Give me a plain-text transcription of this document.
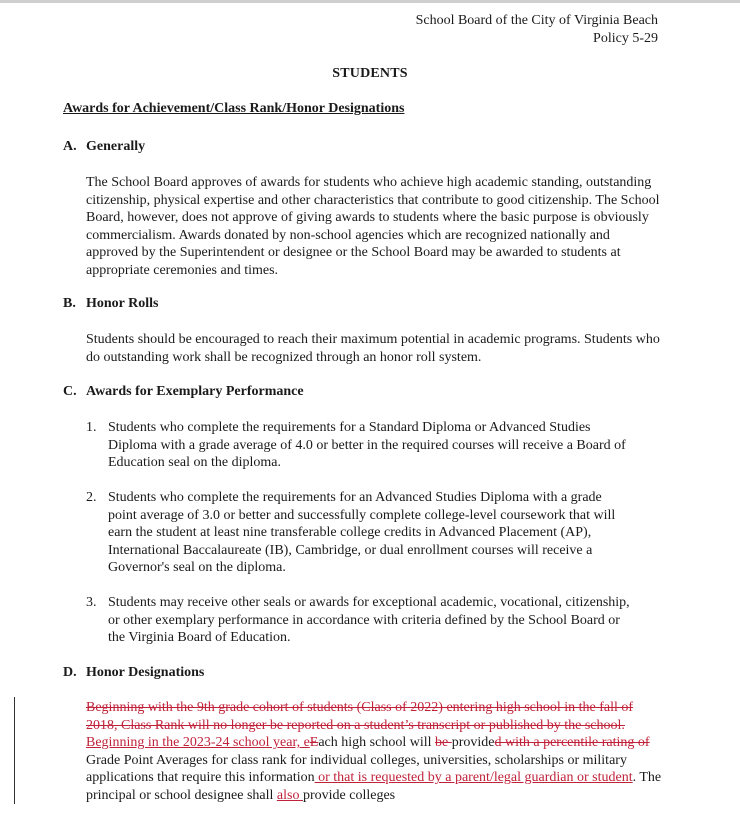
School Board of the City of Virginia Beach
Policy 5-29
STUDENTS
Awards for Achievement/Class Rank/Honor Designations
A. Generally
The School Board approves of awards for students who achieve high academic standing, outstanding citizenship, physical expertise and other characteristics that contribute to good citizenship. The School Board, however, does not approve of giving awards to students where the basic purpose is obviously commercialism. Awards donated by non-school agencies which are recognized nationally and approved by the Superintendent or designee or the School Board may be awarded to students at appropriate ceremonies and times.
B. Honor Rolls
Students should be encouraged to reach their maximum potential in academic programs. Students who do outstanding work shall be recognized through an honor roll system.
C. Awards for Exemplary Performance
1. Students who complete the requirements for a Standard Diploma or Advanced Studies Diploma with a grade average of 4.0 or better in the required courses will receive a Board of Education seal on the diploma.
2. Students who complete the requirements for an Advanced Studies Diploma with a grade point average of 3.0 or better and successfully complete college-level coursework that will earn the student at least nine transferable college credits in Advanced Placement (AP), International Baccalaureate (IB), Cambridge, or dual enrollment courses will receive a Governor's seal on the diploma.
3. Students may receive other seals or awards for exceptional academic, vocational, citizenship, or other exemplary performance in accordance with criteria defined by the School Board or the Virginia Board of Education.
D. Honor Designations
Beginning with the 9th grade cohort of students (Class of 2022) entering high school in the fall of 2018, Class Rank will no longer be reported on a student’s transcript or published by the school. Beginning in the 2023-24 school year, eEach high school will be provided with a percentile rating of Grade Point Averages for class rank for individual colleges, universities, scholarships or military applications that require this information or that is requested by a parent/legal guardian or student. The principal or school designee shall also provide colleges
